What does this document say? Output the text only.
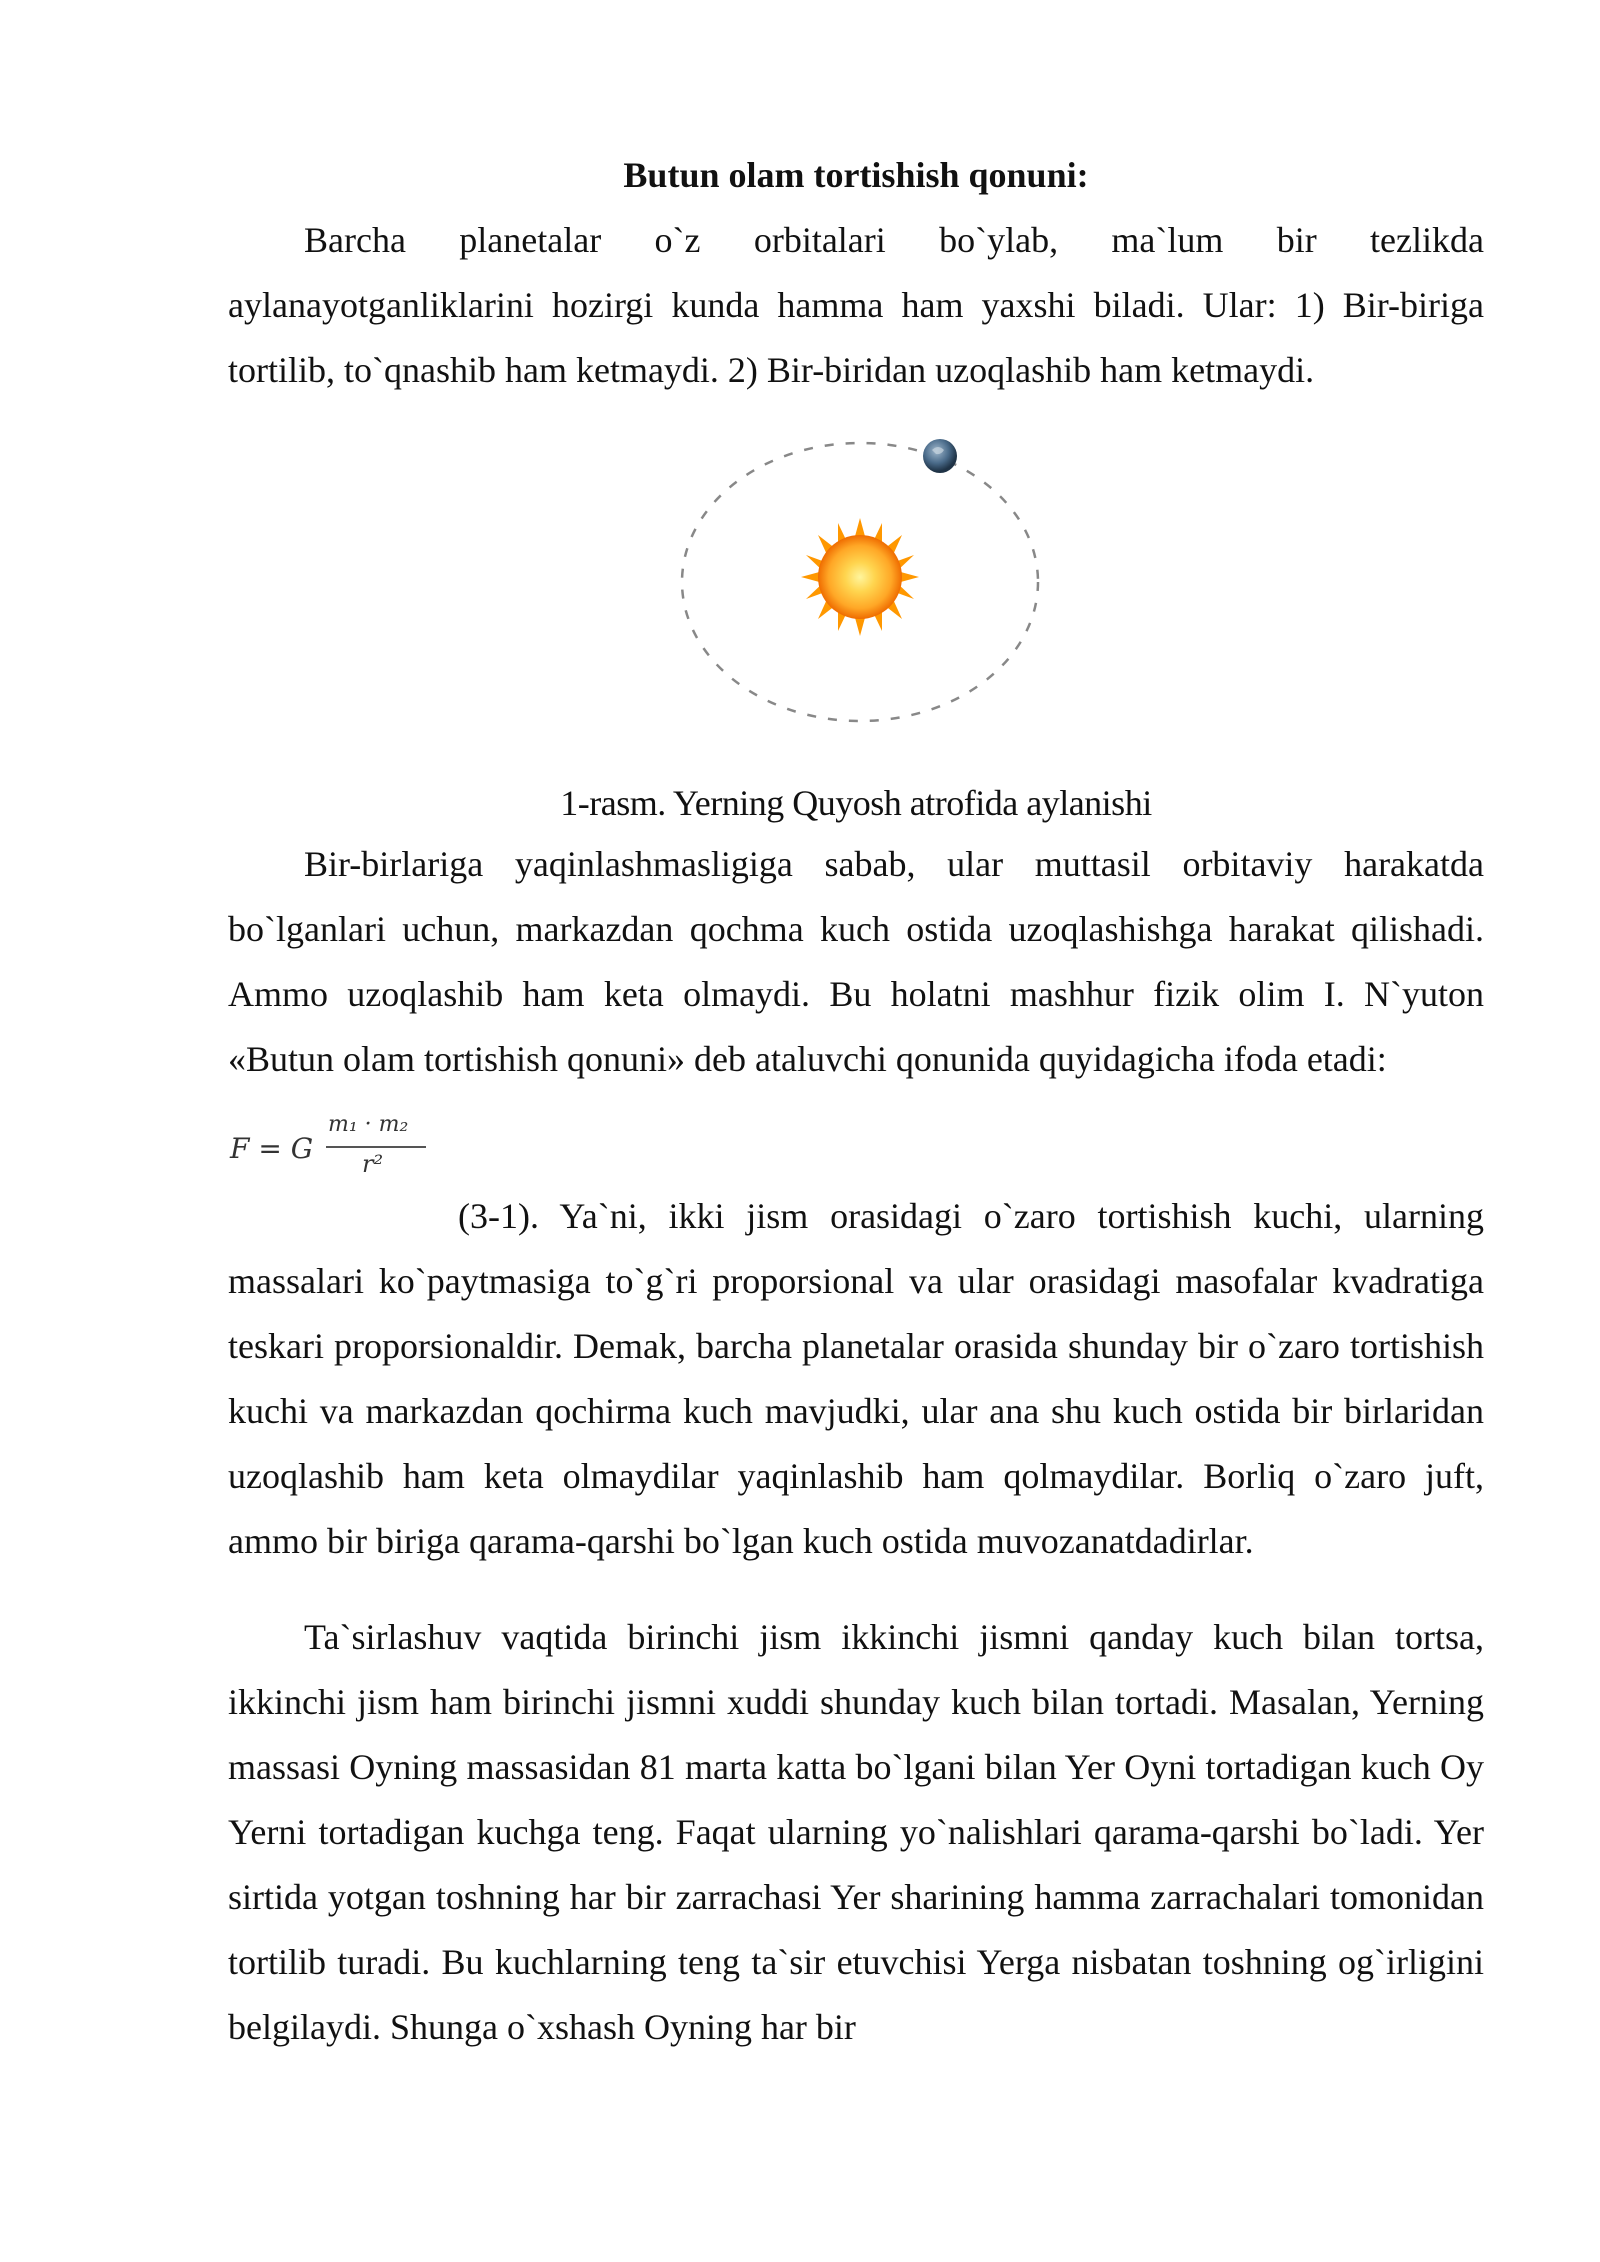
Butun olam tortishish qonuni:

Barcha planetalar o`z orbitalari bo`ylab, ma`lum bir tezlikda aylanayotganliklarini hozirgi kunda hamma ham yaxshi biladi. Ular: 1) Bir-biriga tortilib, to`qnashib ham ketmaydi. 2) Bir-biridan uzoqlashib ham ketmaydi.

1-rasm. Yerning Quyosh atrofida aylanishi

Bir-birlariga yaqinlashmasligiga sabab, ular muttasil orbitaviy harakatda bo`lganlari uchun, markazdan qochma kuch ostida uzoqlashishga harakat qilishadi. Ammo uzoqlashib ham keta olmaydi. Bu holatni mashhur fizik olim I. N`yuton «Butun olam tortishish qonuni» deb ataluvchi qonunida quyidagicha ifoda etadi:

F = G
m₁ · m₂
r²

(3-1). Ya`ni, ikki jism orasidagi o`zaro tortishish kuchi, ularning massalari ko`paytmasiga to`g`ri proporsional va ular orasidagi masofalar kvadratiga teskari proporsionaldir. Demak, barcha planetalar orasida shunday bir o`zaro tortishish kuchi va markazdan qochirma kuch mavjudki, ular ana shu kuch ostida bir birlaridan uzoqlashib ham keta olmaydilar yaqinlashib ham qolmaydilar. Borliq o`zaro juft, ammo bir biriga qarama-qarshi bo`lgan kuch ostida muvozanatdadirlar.

Ta`sirlashuv vaqtida birinchi jism ikkinchi jismni qanday kuch bilan tortsa, ikkinchi jism ham birinchi jismni xuddi shunday kuch bilan tortadi. Masalan, Yerning massasi Oyning massasidan 81 marta katta bo`lgani bilan Yer Oyni tortadigan kuch Oy Yerni tortadigan kuchga teng. Faqat ularning yo`nalishlari qarama-qarshi bo`ladi. Yer sirtida yotgan toshning har bir zarrachasi Yer sharining hamma zarrachalari tomonidan tortilib turadi. Bu kuchlarning teng ta`sir etuvchisi Yerga nisbatan toshning og`irligini belgilaydi. Shunga o`xshash Oyning har bir
